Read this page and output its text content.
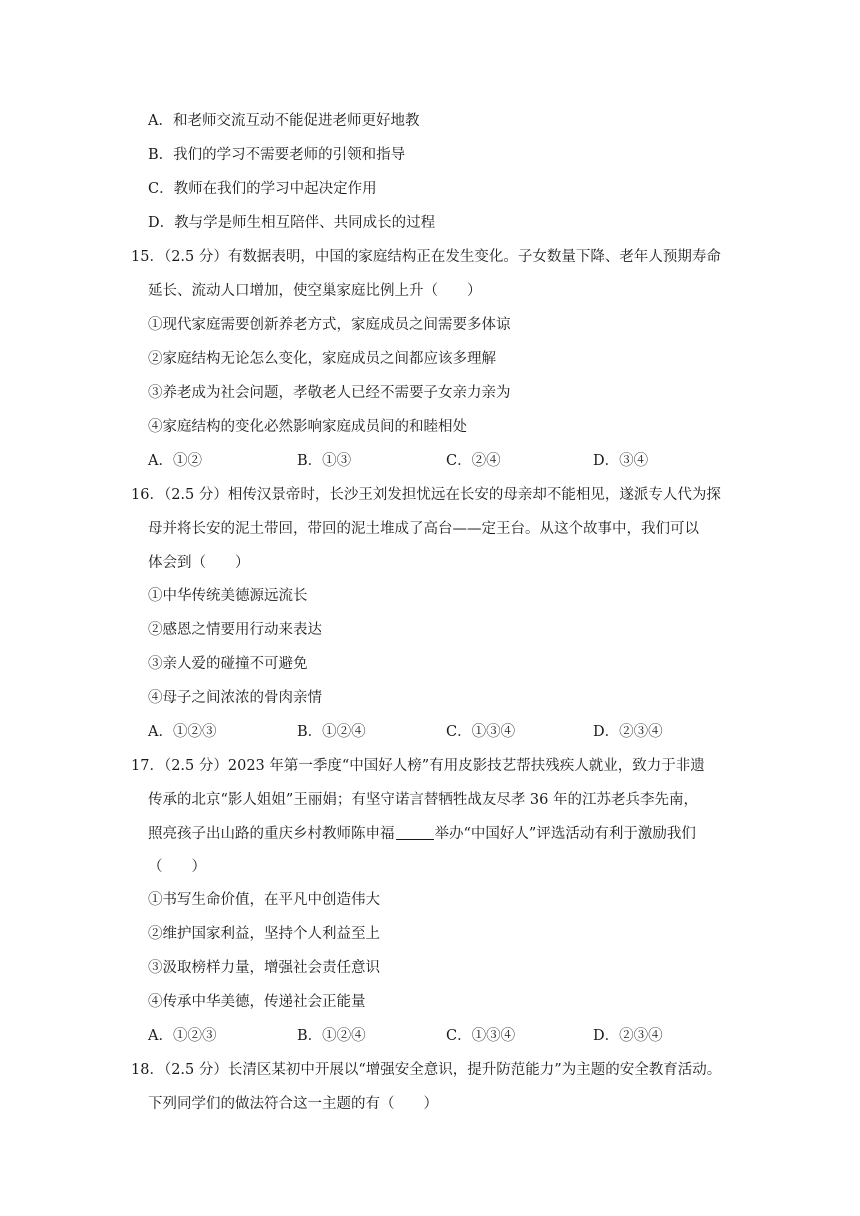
A．和老师交流互动不能促进老师更好地教
B．我们的学习不需要老师的引领和指导
C．教师在我们的学习中起决定作用
D．教与学是师生相互陪伴、共同成长的过程
15．（2.5 分）有数据表明，中国的家庭结构正在发生变化。子女数量下降、老年人预期寿命
延长、流动人口增加，使空巢家庭比例上升（　　）
①现代家庭需要创新养老方式，家庭成员之间需要多体谅
②家庭结构无论怎么变化，家庭成员之间都应该多理解
③养老成为社会问题，孝敬老人已经不需要子女亲力亲为
④家庭结构的变化必然影响家庭成员间的和睦相处
A．①②	B．①③	C．②④	D．③④
16．（2.5 分）相传汉景帝时，长沙王刘发担忧远在长安的母亲却不能相见，遂派专人代为探
母并将长安的泥土带回，带回的泥土堆成了高台——定王台。从这个故事中，我们可以
体会到（　　）
①中华传统美德源远流长
②感恩之情要用行动来表达
③亲人爱的碰撞不可避免
④母子之间浓浓的骨肉亲情
A．①②③	B．①②④	C．①③④	D．②③④
17．（2.5 分）2023 年第一季度“中国好人榜”有用皮影技艺帮扶残疾人就业，致力于非遗
传承的北京“影人姐姐”王丽娟；有坚守诺言替牺牲战友尽孝 36 年的江苏老兵李先南，
照亮孩子出山路的重庆乡村教师陈申福	举办“中国好人”评选活动有利于激励我们
（　　）
①书写生命价值，在平凡中创造伟大
②维护国家利益，坚持个人利益至上
③汲取榜样力量，增强社会责任意识
④传承中华美德，传递社会正能量
A．①②③	B．①②④	C．①③④	D．②③④
18．（2.5 分）长清区某初中开展以“增强安全意识，提升防范能力”为主题的安全教育活动。
下列同学们的做法符合这一主题的有（　　）
